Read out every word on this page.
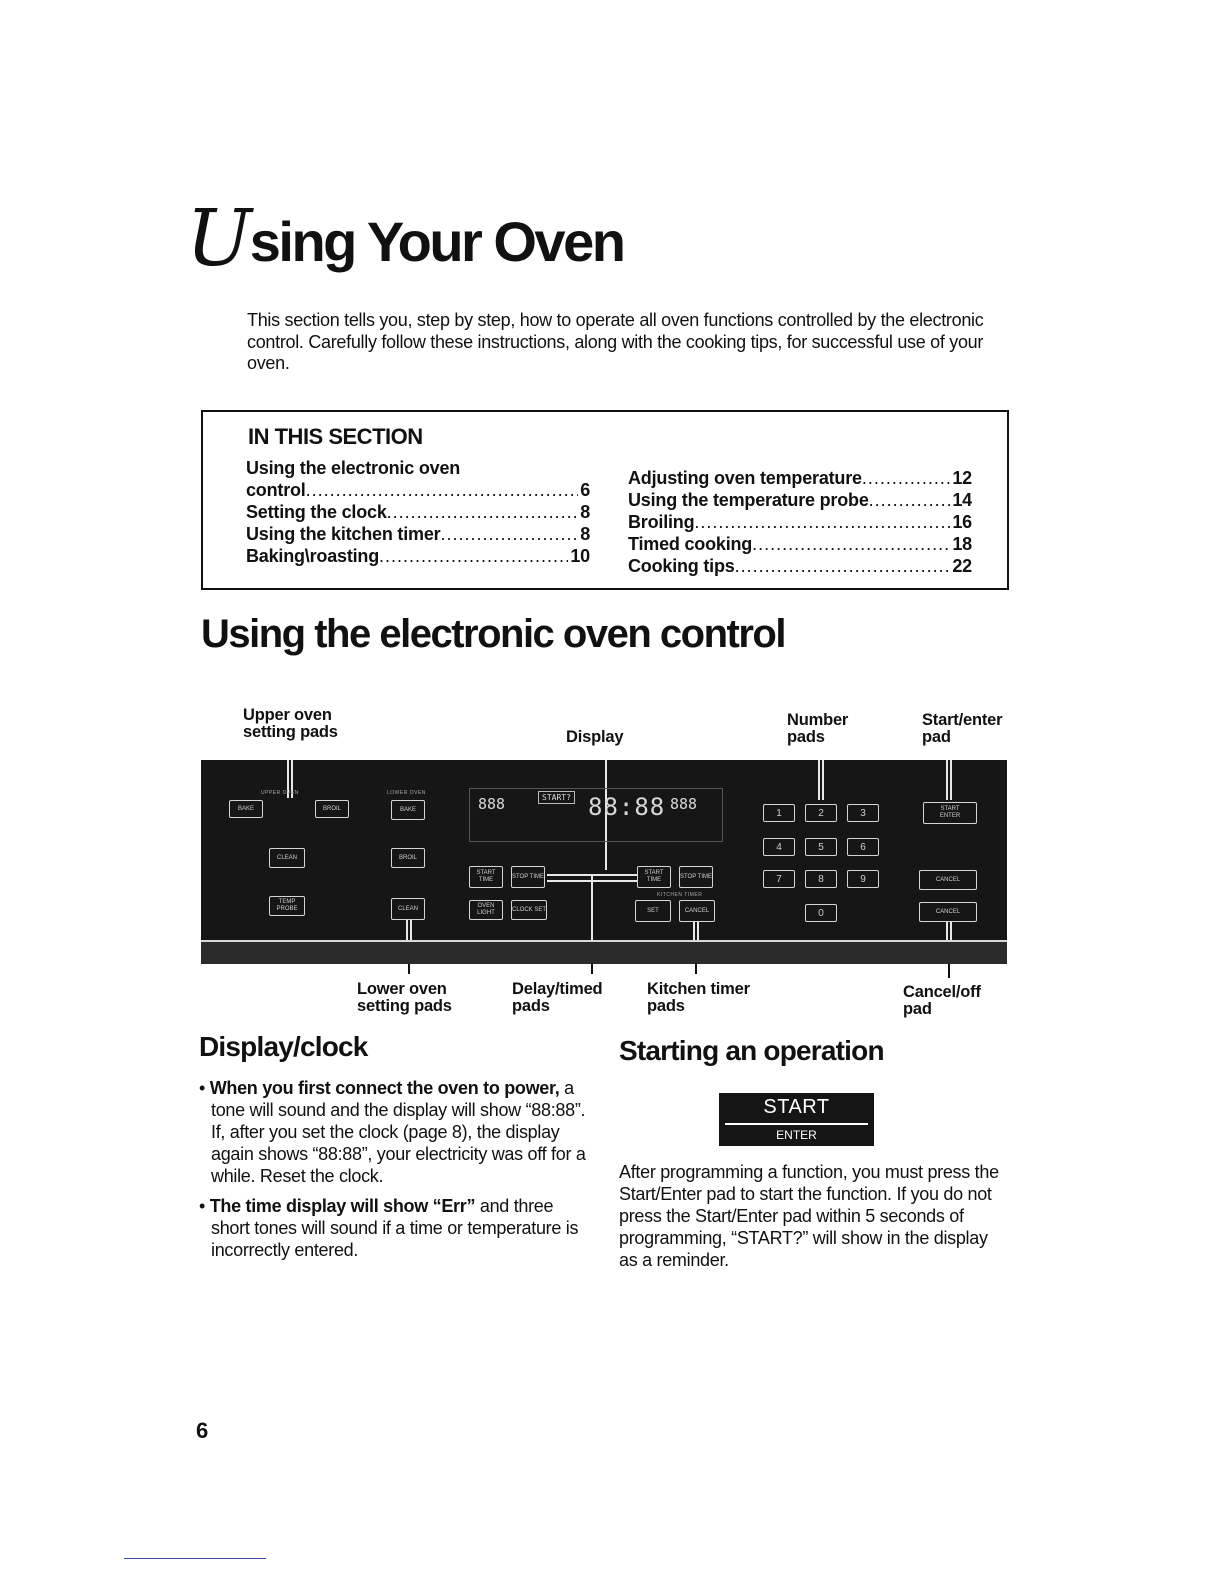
U sing Your Oven
This section tells you, step by step, how to operate all oven functions controlled by the electronic control. Carefully follow these instructions, along with the cooking tips, for successful use of your oven.
IN THIS SECTION
Using the electronic oven
control .....	6
Setting the clock .....	8
Using the kitchen timer .....	8
Baking\roasting .....	10
Adjusting oven temperature .....	12
Using the temperature probe .....	14
Broiling .....	16
Timed cooking .....	18
Cooking tips .....	22
Using the electronic oven control
Upper oven
setting pads	Display
Number
pads
Start/enter
pad
UPPER OVEN
BAKE	BROIL
CLEAN
TEMP PROBE
LOWER OVEN
BAKE
BROIL
CLEAN
888	START? 88:88 888
START TIME
STOP TIME
OVEN LIGHT
CLOCK SET
START TIME
STOP TIME
KITCHEN TIMER
SET	CANCEL
1	2	3
4	5	6
7	8	9
0
START
ENTER
CANCEL
CANCEL
Lower oven
setting pads
Delay/timed
pads
Kitchen timer
pads
Cancel/off
pad
Display/clock

• When you first connect the oven to power, a tone will sound and the display will show “88:88”. If, after you set the clock (page 8), the display again shows “88:88”, your electricity was off for a while. Reset the clock.

• The time display will show “Err” and three short tones will sound if a time or temperature is incorrectly entered.

Starting an operation
START
ENTER
After programming a function, you must press the Start/Enter pad to start the function. If you do not press the Start/Enter pad within 5 seconds of programming, “START?” will show in the display as a reminder.
6
